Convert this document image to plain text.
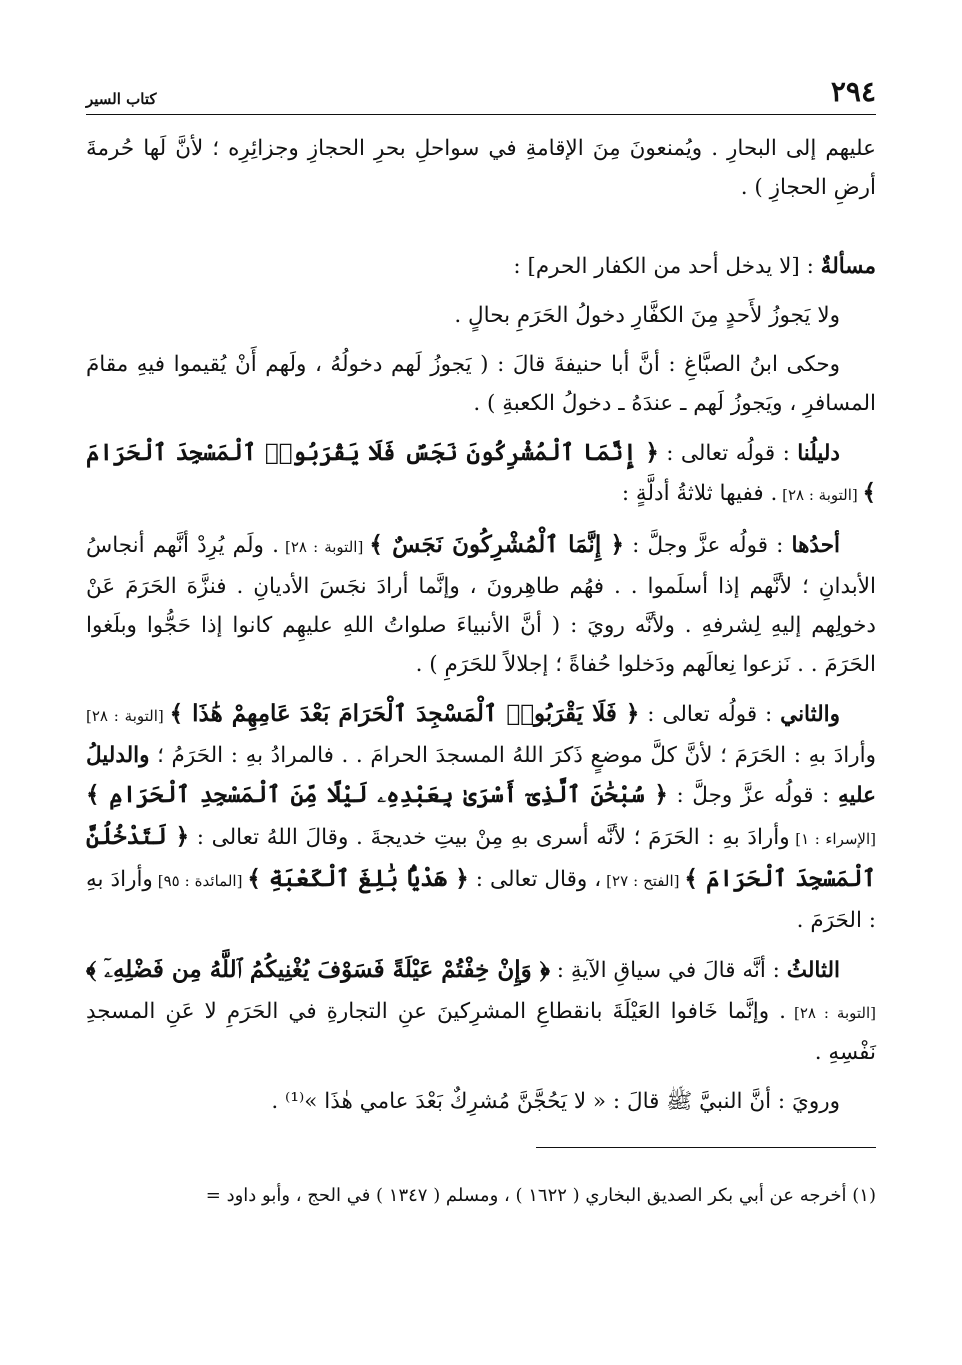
٢٩٤
كتاب السير

عليهم إلى البحارِ . ويُمنعونَ مِنَ الإقامةِ في سواحلِ بحرِ الحجازِ وجزائِرِه ؛ لأنَّ لَها حُرمةَ أرضِ الحجازِ ) .

مسألةٌ : [لا يدخل أحد من الكفار الحرم] :

ولا يَجوزُ لأَحدٍ مِنَ الكفَّارِ دخولُ الحَرَمِ بحالٍ .

وحكى ابنُ الصبَّاغِ : أنَّ أبا حنيفةَ قالَ : ( يَجوزُ لَهم دخولُهُ ، ولَهم أَنْ يُقيموا فيهِ مقامَ المسافرِ ، ويَجوزُ لَهم ـ عندَهُ ـ دخولُ الكعبةِ ) .

دليلُنا : قولُه تعالى : ﴿ إِنَّمَا ٱلْمُشْرِكُونَ نَجَسٌ فَلَا يَقْرَبُوا۟ ٱلْمَسْجِدَ ٱلْحَرَامَ ﴾ [التوبة : ٢٨] . ففيها ثلاثةُ أدلَّةٍ :

أحدُها : قولُه عزَّ وجلَّ : ﴿ إِنَّمَا ٱلْمُشْرِكُونَ نَجَسٌ ﴾ [التوبة : ٢٨] . ولَم يُرِدْ أنَّهم أنجاسُ الأبدانِ ؛ لأنَّهم إذا أسلَموا . . فهُم طاهِرونَ ، وإنَّما أرادَ نجَسَ الأديانِ . فنزَّهَ الحَرَمَ عَنْ دخولِهم إليهِ لِشرفهِ . ولأنَّه رويَ : ( أنَّ الأنبياءَ صلواتُ اللهِ عليهِم كانوا إذا حَجُّوا وبلَغوا الحَرَمَ . . نَزعوا نِعالَهم ودَخلوا حُفاةً ؛ إجلالاً للحَرَمِ ) .

والثاني : قولُه تعالى : ﴿ فَلَا يَقْرَبُوا۟ ٱلْمَسْجِدَ ٱلْحَرَامَ بَعْدَ عَامِهِمْ هَٰذَا ﴾ [التوبة : ٢٨] وأرادَ بهِ : الحَرَمَ ؛ لأنَّ كلَّ موضعٍ ذَكرَ اللهُ المسجدَ الحرامَ . . فالمرادُ بهِ : الحَرَمُ ؛ والدليلُ عليهِ : قولُه عزَّ وجلَّ : ﴿ سُبْحَٰنَ ٱلَّذِىٓ أَسْرَىٰ بِعَبْدِهِۦ لَيْلًا مِّنَ ٱلْمَسْجِدِ ٱلْحَرَامِ ﴾ [الإسراء : ١] وأرادَ بهِ : الحَرَمَ ؛ لأنَّه أسرى بهِ مِنْ بيتِ خديجةَ . وقالَ اللهُ تعالى : ﴿ لَتَدْخُلُنَّ ٱلْمَسْجِدَ ٱلْحَرَامَ ﴾ [الفتح : ٢٧] ، وقال تعالى : ﴿ هَدْيًۢا بَٰلِغَ ٱلْكَعْبَةِ ﴾ [المائدة : ٩٥] وأرادَ بهِ : الحَرَمَ .

الثالثُ : أنَّه قالَ في سياقِ الآيةِ : ﴿ وَإِنْ خِفْتُمْ عَيْلَةً فَسَوْفَ يُغْنِيكُمُ ٱللَّهُ مِن فَضْلِهِۦٓ ﴾ [التوبة : ٢٨] . وإنَّما خَافوا العَيْلَةَ بانقطاعِ المشرِكينَ عنِ التجارةِ في الحَرَمِ لا عَنِ المسجدِ نَفْسِهِ .

ورويَ : أنَّ النبيَّ ﷺ قالَ : « لا يَحُجَّنَّ مُشرِكٌ بَعْدَ عامي هٰذَا »⁽¹⁾ .

(١) أخرجه عن أبي بكر الصديق البخاري ( ١٦٢٢ ) ، ومسلم ( ١٣٤٧ ) في الحج ، وأبو داود =
